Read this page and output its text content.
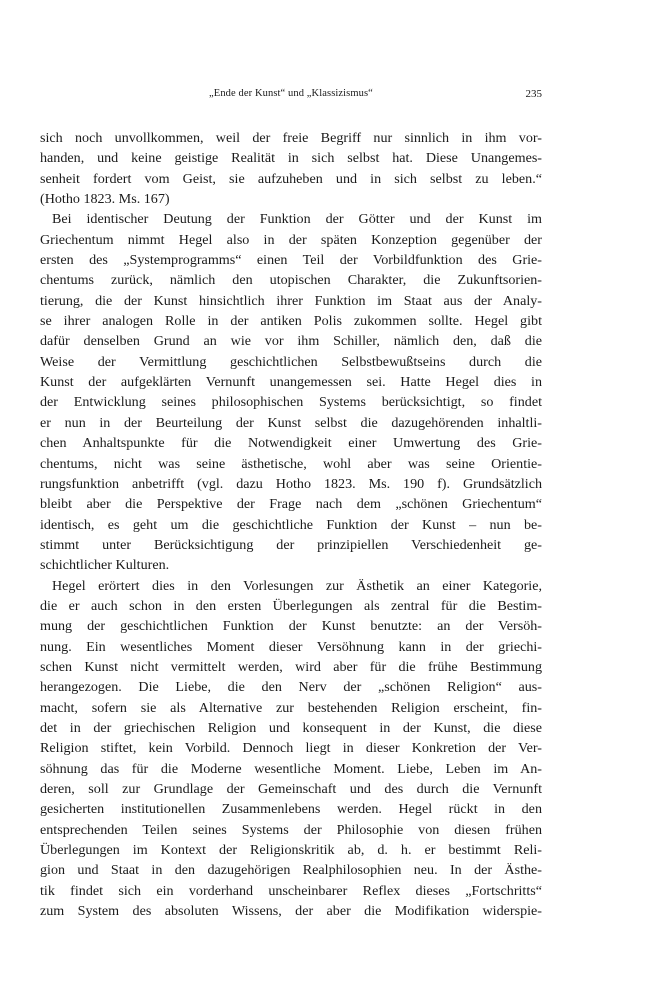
„Ende der Kunst“ und „Klassizismus“	235
sich noch unvollkommen, weil der freie Begriff nur sinnlich in ihm vor-
handen, und keine geistige Realität in sich selbst hat. Diese Unangemes-
senheit fordert vom Geist, sie aufzuheben und in sich selbst zu leben.“
(Hotho 1823. Ms. 167)
Bei identischer Deutung der Funktion der Götter und der Kunst im
Griechentum nimmt Hegel also in der späten Konzeption gegenüber der
ersten des „Systemprogramms“ einen Teil der Vorbildfunktion des Grie-
chentums zurück, nämlich den utopischen Charakter, die Zukunftsorien-
tierung, die der Kunst hinsichtlich ihrer Funktion im Staat aus der Analy-
se ihrer analogen Rolle in der antiken Polis zukommen sollte. Hegel gibt
dafür denselben Grund an wie vor ihm Schiller, nämlich den, daß die
Weise der Vermittlung geschichtlichen Selbstbewußtseins durch die
Kunst der aufgeklärten Vernunft unangemessen sei. Hatte Hegel dies in
der Entwicklung seines philosophischen Systems berücksichtigt, so findet
er nun in der Beurteilung der Kunst selbst die dazugehörenden inhaltli-
chen Anhaltspunkte für die Notwendigkeit einer Umwertung des Grie-
chentums, nicht was seine ästhetische, wohl aber was seine Orientie-
rungsfunktion anbetrifft (vgl. dazu Hotho 1823. Ms. 190 f). Grundsätzlich
bleibt aber die Perspektive der Frage nach dem „schönen Griechentum“
identisch, es geht um die geschichtliche Funktion der Kunst – nun be-
stimmt unter Berücksichtigung der prinzipiellen Verschiedenheit ge-
schichtlicher Kulturen.
Hegel erörtert dies in den Vorlesungen zur Ästhetik an einer Kategorie,
die er auch schon in den ersten Überlegungen als zentral für die Bestim-
mung der geschichtlichen Funktion der Kunst benutzte: an der Versöh-
nung. Ein wesentliches Moment dieser Versöhnung kann in der griechi-
schen Kunst nicht vermittelt werden, wird aber für die frühe Bestimmung
herangezogen. Die Liebe, die den Nerv der „schönen Religion“ aus-
macht, sofern sie als Alternative zur bestehenden Religion erscheint, fin-
det in der griechischen Religion und konsequent in der Kunst, die diese
Religion stiftet, kein Vorbild. Dennoch liegt in dieser Konkretion der Ver-
söhnung das für die Moderne wesentliche Moment. Liebe, Leben im An-
deren, soll zur Grundlage der Gemeinschaft und des durch die Vernunft
gesicherten institutionellen Zusammenlebens werden. Hegel rückt in den
entsprechenden Teilen seines Systems der Philosophie von diesen frühen
Überlegungen im Kontext der Religionskritik ab, d. h. er bestimmt Reli-
gion und Staat in den dazugehörigen Realphilosophien neu. In der Ästhe-
tik findet sich ein vorderhand unscheinbarer Reflex dieses „Fortschritts“
zum System des absoluten Wissens, der aber die Modifikation widerspie-
